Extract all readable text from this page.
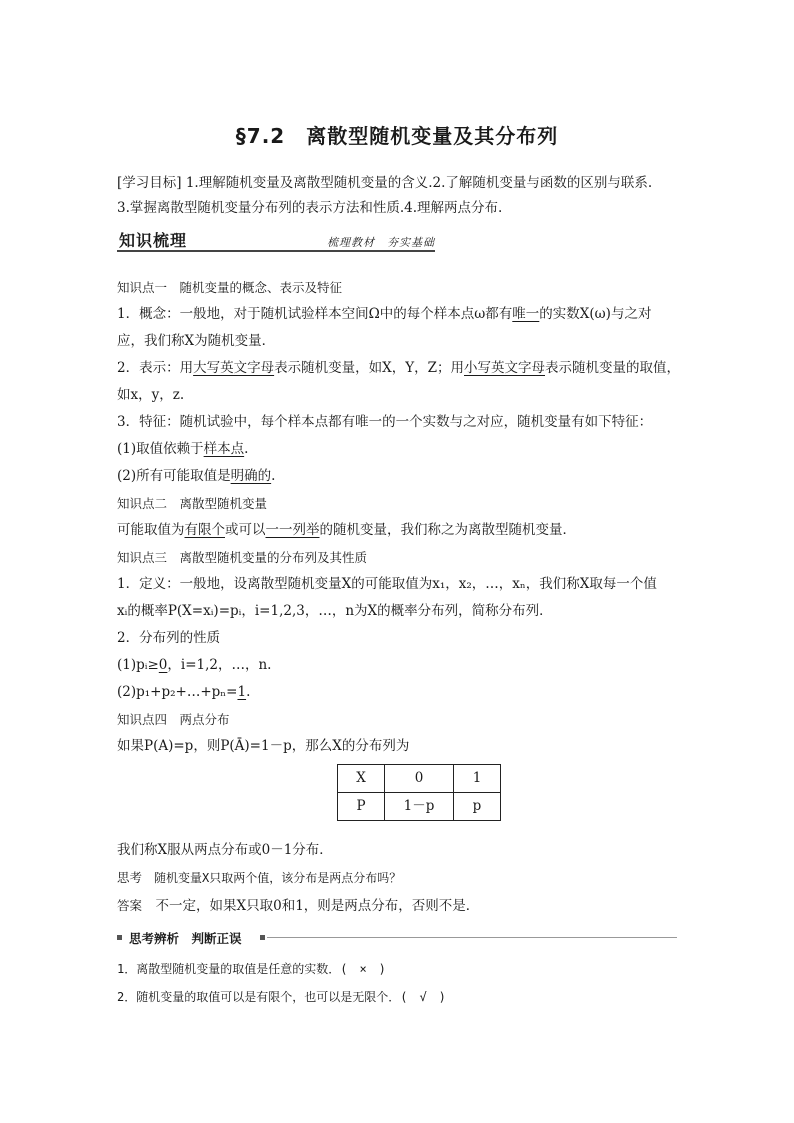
§7.2　离散型随机变量及其分布列
[学习目标] 1.理解随机变量及离散型随机变量的含义.2.了解随机变量与函数的区别与联系.
3.掌握离散型随机变量分布列的表示方法和性质.4.理解两点分布.
知识梳理	梳理教材　夯实基础

知识点一　随机变量的概念、表示及特征

1．概念：一般地，对于随机试验样本空间Ω中的每个样本点ω都有唯一的实数X(ω)与之对

应，我们称X为随机变量．

2．表示：用大写英文字母表示随机变量，如X，Y，Z；用小写英文字母表示随机变量的取值，

如x，y，z.

3．特征：随机试验中，每个样本点都有唯一的一个实数与之对应，随机变量有如下特征：

(1)取值依赖于样本点.

(2)所有可能取值是明确的.

知识点二　离散型随机变量

可能取值为有限个或可以一一列举的随机变量，我们称之为离散型随机变量．

知识点三　离散型随机变量的分布列及其性质

1．定义：一般地，设离散型随机变量X的可能取值为x₁，x₂，…，xₙ，我们称X取每一个值

xᵢ的概率P(X=xᵢ)=pᵢ，i=1,2,3，…，n为X的概率分布列，简称分布列．

2．分布列的性质

(1)pᵢ≥0，i=1,2，…，n.

(2)p₁+p₂+…+pₙ=1.

知识点四　两点分布

如果P(A)=p，则P(Ā)=1－p，那么X的分布列为

X	0	1
P	1－p	p

我们称X服从两点分布或0－1分布．

思考　 随机变量X只取两个值，该分布是两点分布吗？

答案　 不一定，如果X只取0和1，则是两点分布，否则不是．

思考辨析　判断正误

1．离散型随机变量的取值是任意的实数．(　×　)

2．随机变量的取值可以是有限个，也可以是无限个．(　√　)
